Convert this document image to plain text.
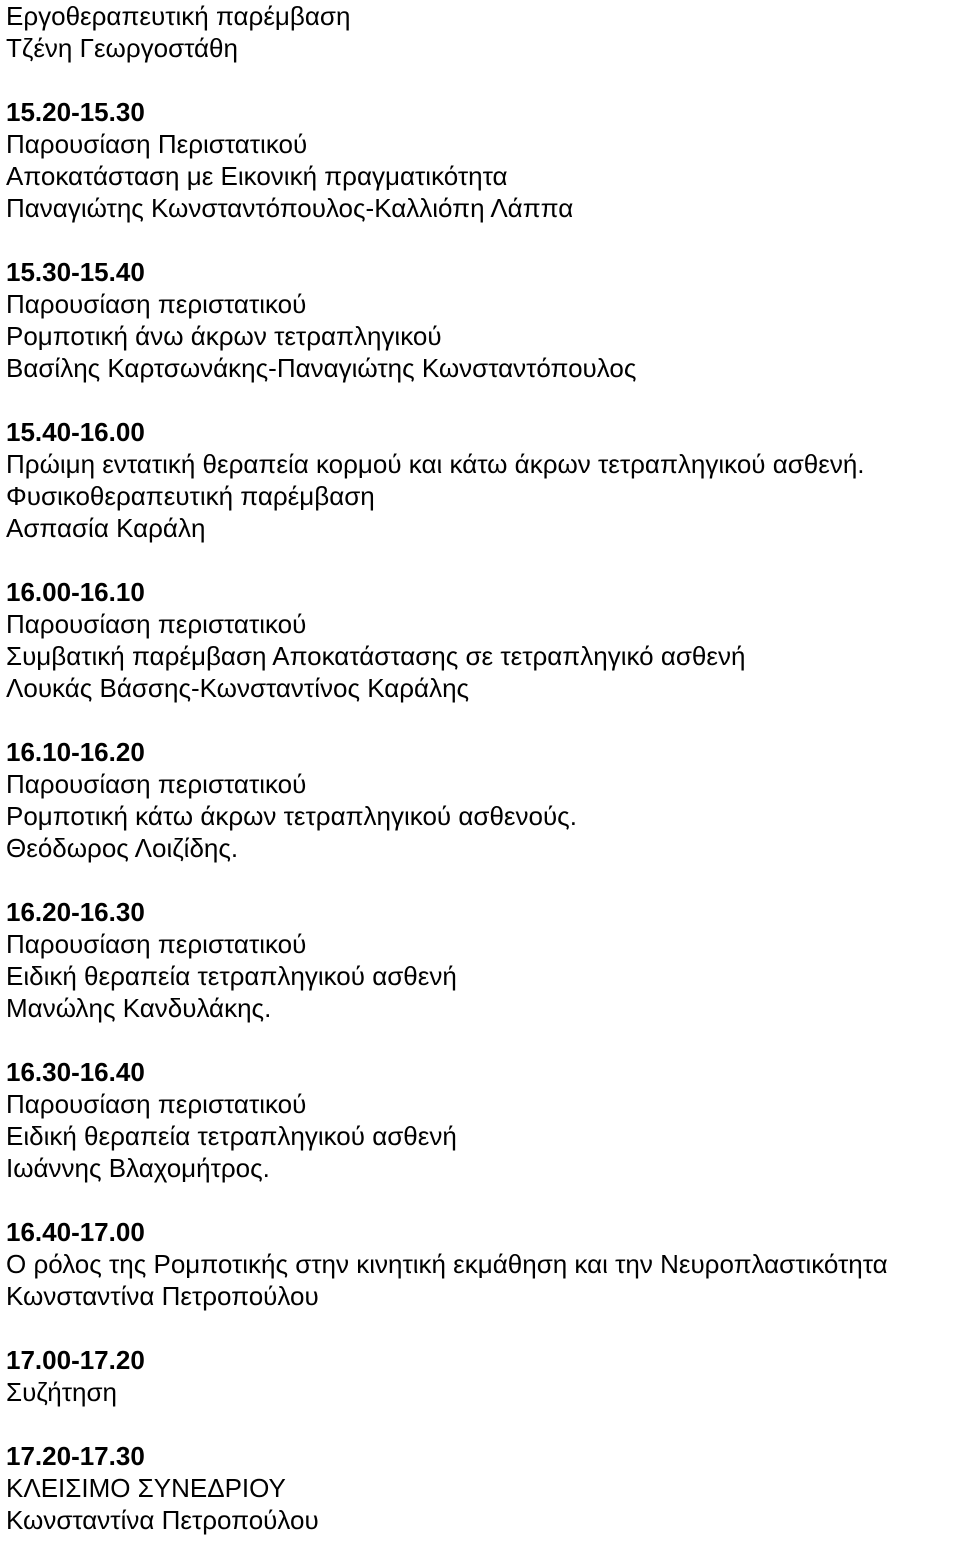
Εργοθεραπευτική παρέμβαση
Τζένη Γεωργοστάθη
15.20-15.30
Παρουσίαση Περιστατικού
Αποκατάσταση με Εικονική πραγματικότητα
Παναγιώτης Κωνσταντόπουλος-Καλλιόπη Λάππα
15.30-15.40
Παρουσίαση περιστατικού
Ρομποτική άνω άκρων τετραπληγικού
Βασίλης Καρτσωνάκης-Παναγιώτης Κωνσταντόπουλος
15.40-16.00
Πρώιμη εντατική θεραπεία κορμού και κάτω άκρων τετραπληγικού ασθενή.
Φυσικοθεραπευτική παρέμβαση
Ασπασία Καράλη
16.00-16.10
Παρουσίαση περιστατικού
Συμβατική παρέμβαση Αποκατάστασης σε τετραπληγικό ασθενή
Λουκάς Βάσσης-Κωνσταντίνος Καράλης
16.10-16.20
Παρουσίαση περιστατικού
Ρομποτική κάτω άκρων τετραπληγικού ασθενούς.
Θεόδωρος Λοιζίδης.
16.20-16.30
Παρουσίαση περιστατικού
Ειδική θεραπεία τετραπληγικού ασθενή
Μανώλης Κανδυλάκης.
16.30-16.40
Παρουσίαση περιστατικού
Ειδική θεραπεία τετραπληγικού ασθενή
Ιωάννης Βλαχομήτρος.
16.40-17.00
Ο ρόλος της Ρομποτικής στην κινητική εκμάθηση και την Νευροπλαστικότητα
Κωνσταντίνα Πετροπούλου
17.00-17.20
Συζήτηση
17.20-17.30
ΚΛΕΙΣΙΜΟ ΣΥΝΕΔΡΙΟΥ
Κωνσταντίνα Πετροπούλου
